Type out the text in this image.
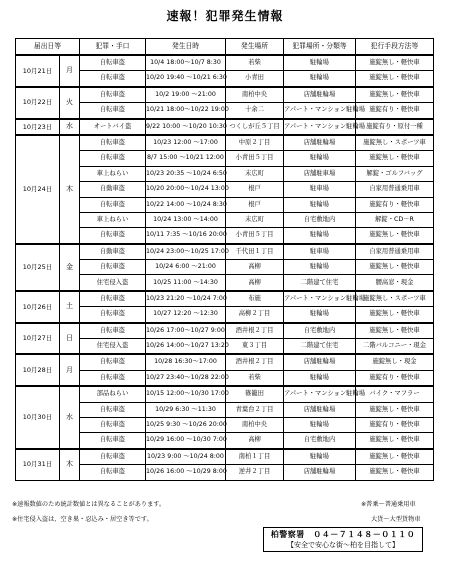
速報！犯罪発生情報
届出日等		犯罪・手口	発生日時	発生場所	犯罪場所・分類等	犯行手段方法等
10月21日	月	自転車盗	10/4 18:00～10/7 8:30	若柴	駐輪場	施錠無し・軽快車
		自転車盗	10/20 19:40 ～10/21 6:30	小青田	駐輪場	施錠無し・軽快車
10月22日	火	自転車盗	10/2 19:00 ～21:00	南柏中央	店舗駐輪場	施錠無し・軽快車
		自転車盗	10/21 18:00～10/22 19:00	十余二	アパート・マンション駐輪場	施錠有り・軽快車
10月23日	水	オートバイ盗	9/22 10:00 ～10/20 10:30	つくしが丘５丁目	アパート・マンション駐輪場	施錠有り・原付一種
10月24日	木	自転車盗	10/23 12:00 ～17:00	中原２丁目	店舗駐輪場	施錠無し・スポーツ車
		自転車盗	8/7 15:00 ～10/21 12:00	小青田５丁目	駐輪場	施錠無し・軽快車
		車上ねらい	10/23 20:35 ～10/24 6:50	末広町	店舗駐車場	解錠・ゴルフバッグ
		自動車盗	10/20 20:00～10/24 13:00	根戸	駐車場	自家用普通乗用車
		自転車盗	10/22 14:00 ～10/24 8:30	根戸	駐輪場	施錠有り・軽快車
		車上ねらい	10/24 13:00 ～14:00	末広町	自宅敷地内	解錠・CD－R
		自転車盗	10/11 7:35 ～10/16 20:00	小青田５丁目	駐輪場	施錠無し・軽快車
10月25日	金	自動車盗	10/24 23:00～10/25 17:00	千代田１丁目	駐車場	自家用普通乗用車
		自転車盗	10/24 6:00 ～21:00	高柳	駐輪場	施錠無し・軽快車
		住宅侵入盗	10/25 11:00 ～14:30	高柳	二階建て住宅	腰高窓・現金
10月26日	土	自転車盗	10/23 21:20 ～10/24 7:00	布施	アパート・マンション駐輪場	施錠無し・スポーツ車
		自転車盗	10/27 12:20 ～12:30	高柳２丁目	駐輪場	施錠無し・軽快車
10月27日	日	自転車盗	10/26 17:00～10/27 9:00	酒井根２丁目	自宅敷地内	施錠無し・軽快車
		住宅侵入盗	10/26 14:00～10/27 13:20	東３丁目	二階建て住宅	二階バルコニー・現金
10月28日	月	自転車盗	10/28 16:30～17:00	酒井根２丁目	店舗駐輪場	施錠無し・現金
		自転車盗	10/27 23:40～10/28 22:00	若柴	駐輪場	施錠有り・軽快車
10月30日	水	部品ねらい	10/15 12:00～10/30 17:00	篠籠田	アパート・マンション駐輪場	バイク・マフラー
		自転車盗	10/29 6:30 ～11:30	青葉台２丁目	店舗駐輪場	施錠無し・軽快車
		自転車盗	10/25 9:30 ～10/26 20:00	南柏中央	駐輪場	施錠有り・軽快車
		自転車盗	10/29 16:00 ～10/30 7:00	高柳	自宅敷地内	施錠無し・軽快車
10月31日	木	自転車盗	10/23 9:00 ～10/24 8:00	南柏１丁目	駐輪場	施錠無し・軽快車
		自転車盗	10/26 16:00 ～10/29 8:00	逆井２丁目	店舗駐輪場	施錠無し・軽快車
※速報数値のため統計数値とは異なることがあります。
※住宅侵入盗は、空き巣・忍込み・居空き等です。
※普乗～普通乗用車
大貨～大型貨物車
柏警察署　０４－７１４８－０１１０
【安全で安心な街～柏を目指して】
